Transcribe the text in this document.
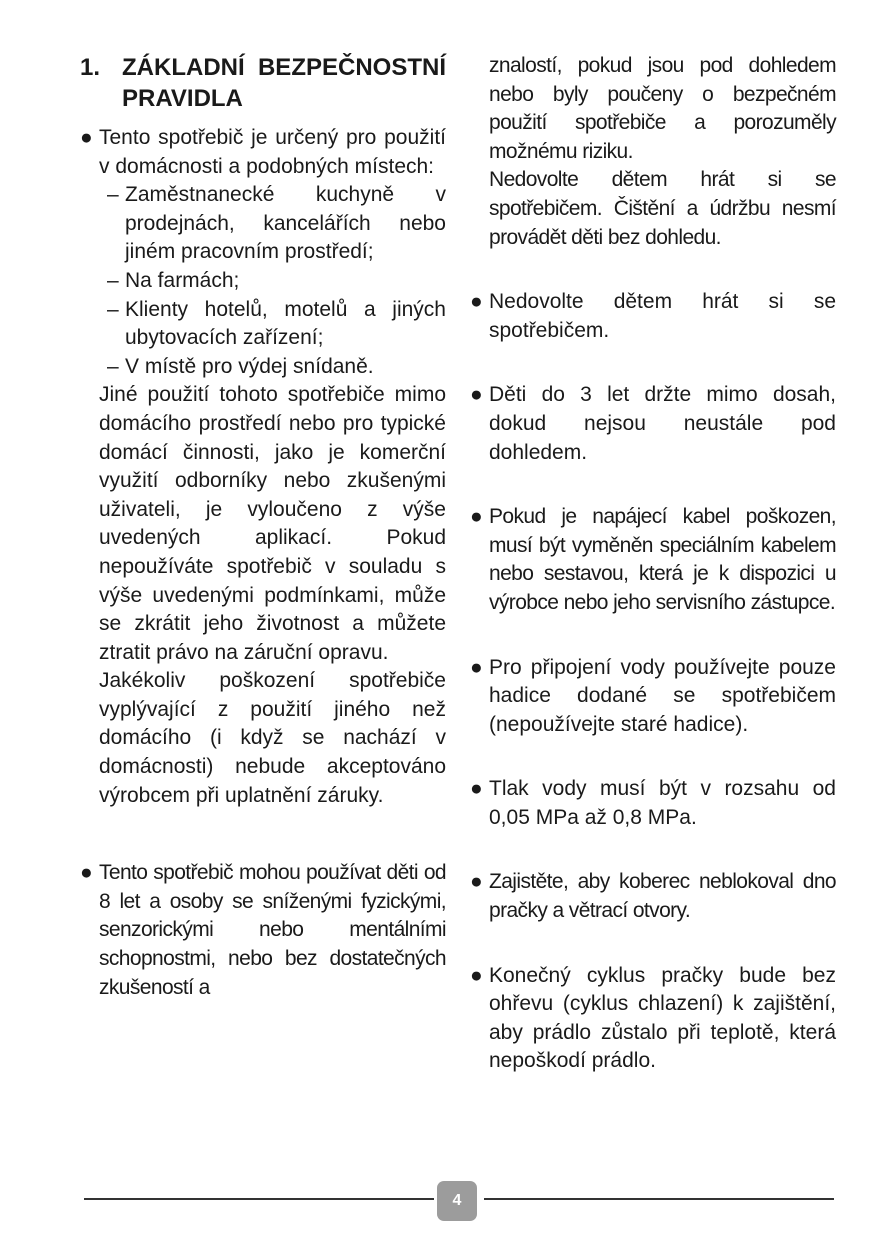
1. ZÁKLADNÍ BEZPEČNOSTNÍ PRAVIDLA
● Tento spotřebič je určený pro použití v domácnosti a podobných místech:

– Zaměstnanecké kuchyně v prodejnách, kancelářích nebo jiném pracovním prostředí;
– Na farmách;
– Klienty hotelů, motelů a jiných ubytovacích zařízení;
– V místě pro výdej snídaně.

Jiné použití tohoto spotřebiče mimo domácího prostředí nebo pro typické domácí činnosti, jako je komerční využití odborníky nebo zkušenými uživateli, je vyloučeno z výše uvedených aplikací. Pokud nepoužíváte spotřebič v souladu s výše uvedenými podmínkami, může se zkrátit jeho životnost a můžete ztratit právo na záruční opravu.

Jakékoliv poškození spotřebiče vyplývající z použití jiného než domácího (i když se nachází v domácnosti) nebude akceptováno výrobcem při uplatnění záruky.

● Tento spotřebič mohou používat děti od 8 let a osoby se sníženými fyzickými, senzorickými nebo mentálními schopnostmi, nebo bez dostatečných zkušeností a

znalostí, pokud jsou pod dohledem nebo byly poučeny o bezpečném použití spotřebiče a porozuměly možnému riziku.

Nedovolte dětem hrát si se spotřebičem. Čištění a údržbu nesmí provádět děti bez dohledu.

● Nedovolte dětem hrát si se spotřebičem.

● Děti do 3 let držte mimo dosah, dokud nejsou neustále pod dohledem.

● Pokud je napájecí kabel poškozen, musí být vyměněn speciálním kabelem nebo sestavou, která je k dispozici u výrobce nebo jeho servisního zástupce.

● Pro připojení vody používejte pouze hadice dodané se spotřebičem (nepoužívejte staré hadice).

● Tlak vody musí být v rozsahu od 0,05 MPa až 0,8 MPa.

● Zajistěte, aby koberec neblokoval dno pračky a větrací otvory.

● Konečný cyklus pračky bude bez ohřevu (cyklus chlazení) k zajištění, aby prádlo zůstalo při teplotě, která nepoškodí prádlo.

4
